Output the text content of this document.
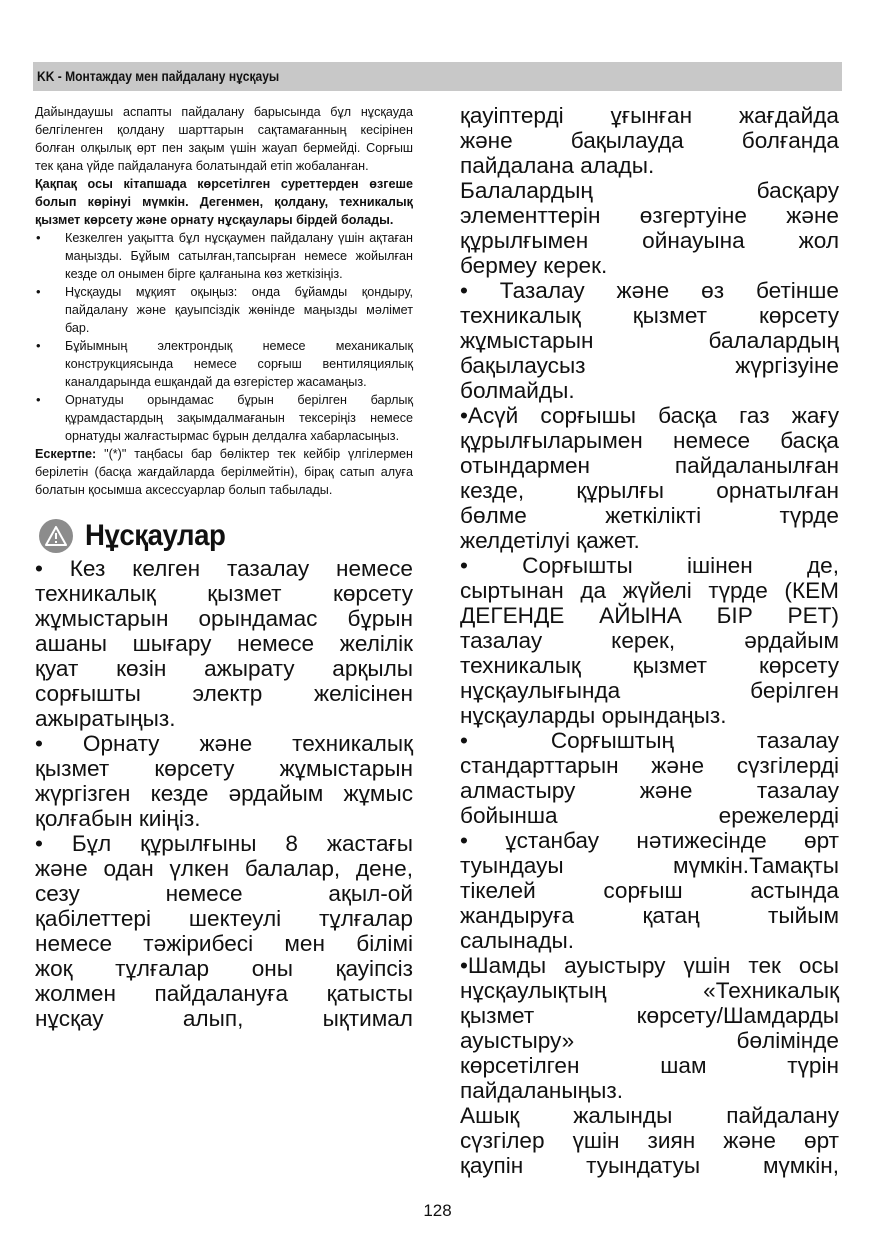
KK - Монтаждау мен пайдалану нұсқауы

Дайындаушы аспапты пайдалану барысында бұл нұсқауда белгіленген қолдану шарттарын сақтамағанның кесірінен болған олқылық өрт пен зақым үшін жауап бермейді. Сорғыш тек қана үйде пайдалануға болатындай етіп жобаланған.

Қақпақ осы кітапшада көрсетілген суреттерден өзгеше болып көрінуі мүмкін. Дегенмен, қолдану, техникалық қызмет көрсету және орнату нұсқаулары бірдей болады.

• Кезкелген уақытта бұл нұсқаумен пайдалану үшін ақтаған маңызды. Бұйым сатылған,тапсырған немесе жойылған кезде ол онымен бірге қалғанына көз жеткізіңіз.
• Нұсқауды мұқият оқыңыз: онда бұйамды қондыру, пайдалану және қауыпсіздік жөнінде маңызды мәлімет бар.
• Бұйымның электрондық немесе механикалық конструкциясында немесе сорғыш вентиляциялық каналдарында ешқандай да өзгерістер жасамаңыз.
• Орнатуды орындамас бұрын берілген барлық құрамдастардың зақымдалмағанын тексеріңіз немесе орнатуды жалғастырмас бұрын делдалға хабарласыңыз.

Ескертпе: "(*)" таңбасы бар бөліктер тек кейбір үлгілермен берілетін (басқа жағдайларда берілмейтін), бірақ сатып алуға болатын қосымша аксессуарлар болып табылады.

Нұсқаулар

• Кез келген тазалау немесе

техникалық қызмет көрсету

жұмыстарын орындамас бұрын

ашаны шығару немесе желілік

қуат көзін ажырату арқылы

сорғышты электр желісінен

ажыратыңыз.

• Орнату және техникалық

қызмет көрсету жұмыстарын

жүргізген кезде әрдайым жұмыс

қолғабын киіңіз.

• Бұл құрылғыны 8 жастағы

және одан үлкен балалар, дене,

сезу немесе ақыл-ой

қабілеттері шектеулі тұлғалар

немесе тәжірибесі мен білімі

жоқ тұлғалар оны қауіпсіз

жолмен пайдалануға қатысты

нұсқау алып, ықтимал

қауіптерді ұғынған жағдайда

және бақылауда болғанда

пайдалана алады.

Балалардың басқару

элементтерін өзгертуіне және

құрылғымен ойнауына жол

бермеу керек.

• Тазалау және өз бетінше

техникалық қызмет көрсету

жұмыстарын балалардың

бақылаусыз жүргізуіне

болмайды.

•Асүй сорғышы басқа газ жағу

құрылғыларымен немесе басқа

отындармен пайдаланылған

кезде, құрылғы орнатылған

бөлме жеткілікті түрде

желдетілуі қажет.

• Сорғышты ішінен де,

сыртынан да жүйелі түрде (КЕМ

ДЕГЕНДЕ АЙЫНА БІР РЕТ)

тазалау керек, әрдайым

техникалық қызмет көрсету

нұсқаулығында берілген

нұсқауларды орындаңыз.

• Сорғыштың тазалау

стандарттарын және сүзгілерді

алмастыру және тазалау

бойынша ережелерді

• ұстанбау нәтижесінде өрт

туындауы мүмкін.Тамақты

тікелей сорғыш астында

жандыруға қатаң тыйым

салынады.

•Шамды ауыстыру үшін тек осы

нұсқаулықтың «Техникалық

қызмет көрсету/Шамдарды

ауыстыру» бөлімінде

көрсетілген шам түрін

пайдаланыңыз.

Ашық жалынды пайдалану

сүзгілер үшін зиян және өрт

қаупін туындатуы мүмкін,

128
